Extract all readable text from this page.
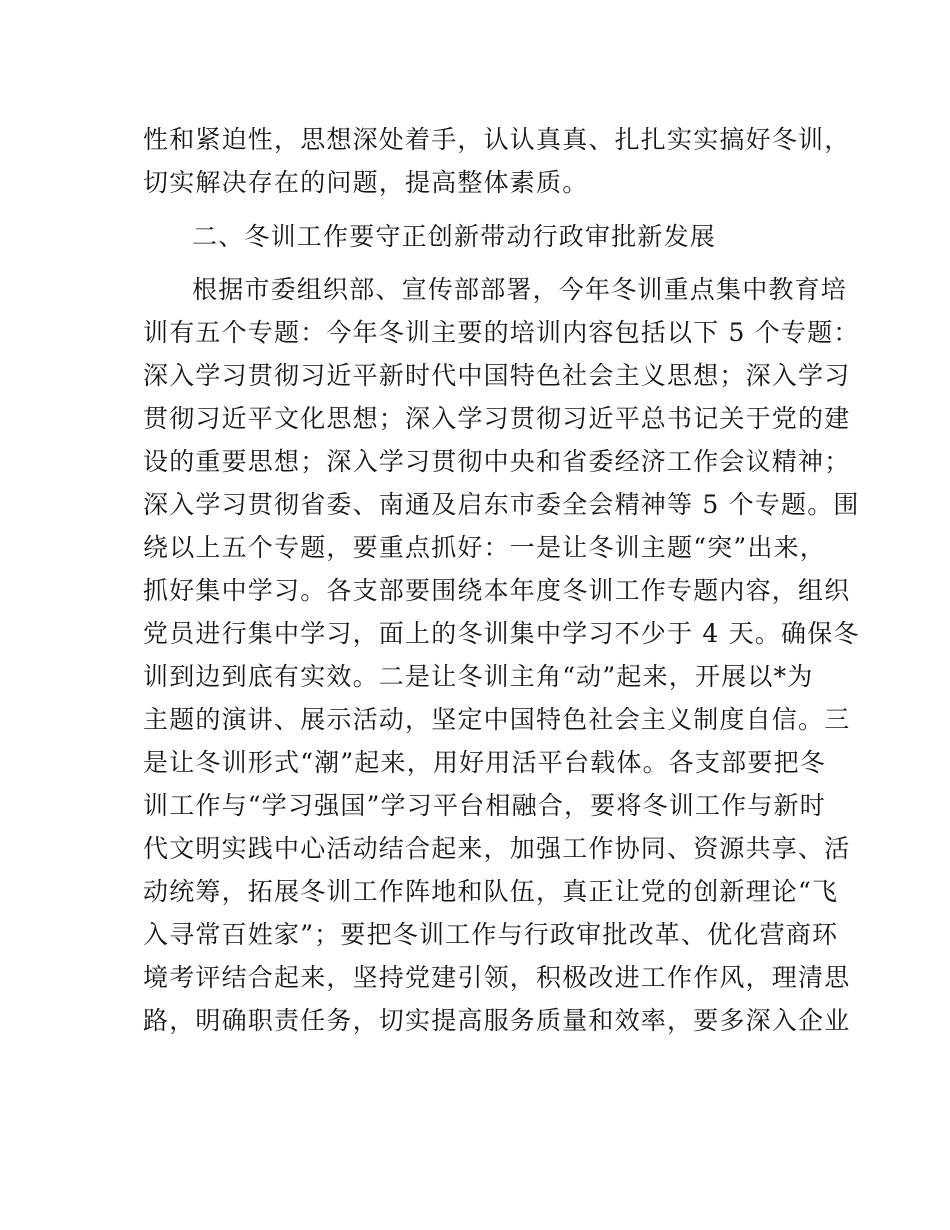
性和紧迫性，思想深处着手，认认真真、扎扎实实搞好冬训，
切实解决存在的问题，提高整体素质。
二、冬训工作要守正创新带动行政审批新发展
根据市委组织部、宣传部部署，今年冬训重点集中教育培
训有五个专题：今年冬训主要的培训内容包括以下 5 个专题：
深入学习贯彻习近平新时代中国特色社会主义思想；深入学习
贯彻习近平文化思想；深入学习贯彻习近平总书记关于党的建
设的重要思想；深入学习贯彻中央和省委经济工作会议精神；
深入学习贯彻省委、南通及启东市委全会精神等 5 个专题。围
绕以上五个专题，要重点抓好：一是让冬训主题“突”出来，
抓好集中学习。各支部要围绕本年度冬训工作专题内容，组织
党员进行集中学习，面上的冬训集中学习不少于 4 天。确保冬
训到边到底有实效。二是让冬训主角“动”起来，开展以*为
主题的演讲、展示活动，坚定中国特色社会主义制度自信。三
是让冬训形式“潮”起来，用好用活平台载体。各支部要把冬
训工作与“学习强国”学习平台相融合，要将冬训工作与新时
代文明实践中心活动结合起来，加强工作协同、资源共享、活
动统筹，拓展冬训工作阵地和队伍，真正让党的创新理论“飞
入寻常百姓家”；要把冬训工作与行政审批改革、优化营商环
境考评结合起来，坚持党建引领，积极改进工作作风，理清思
路，明确职责任务，切实提高服务质量和效率，要多深入企业
